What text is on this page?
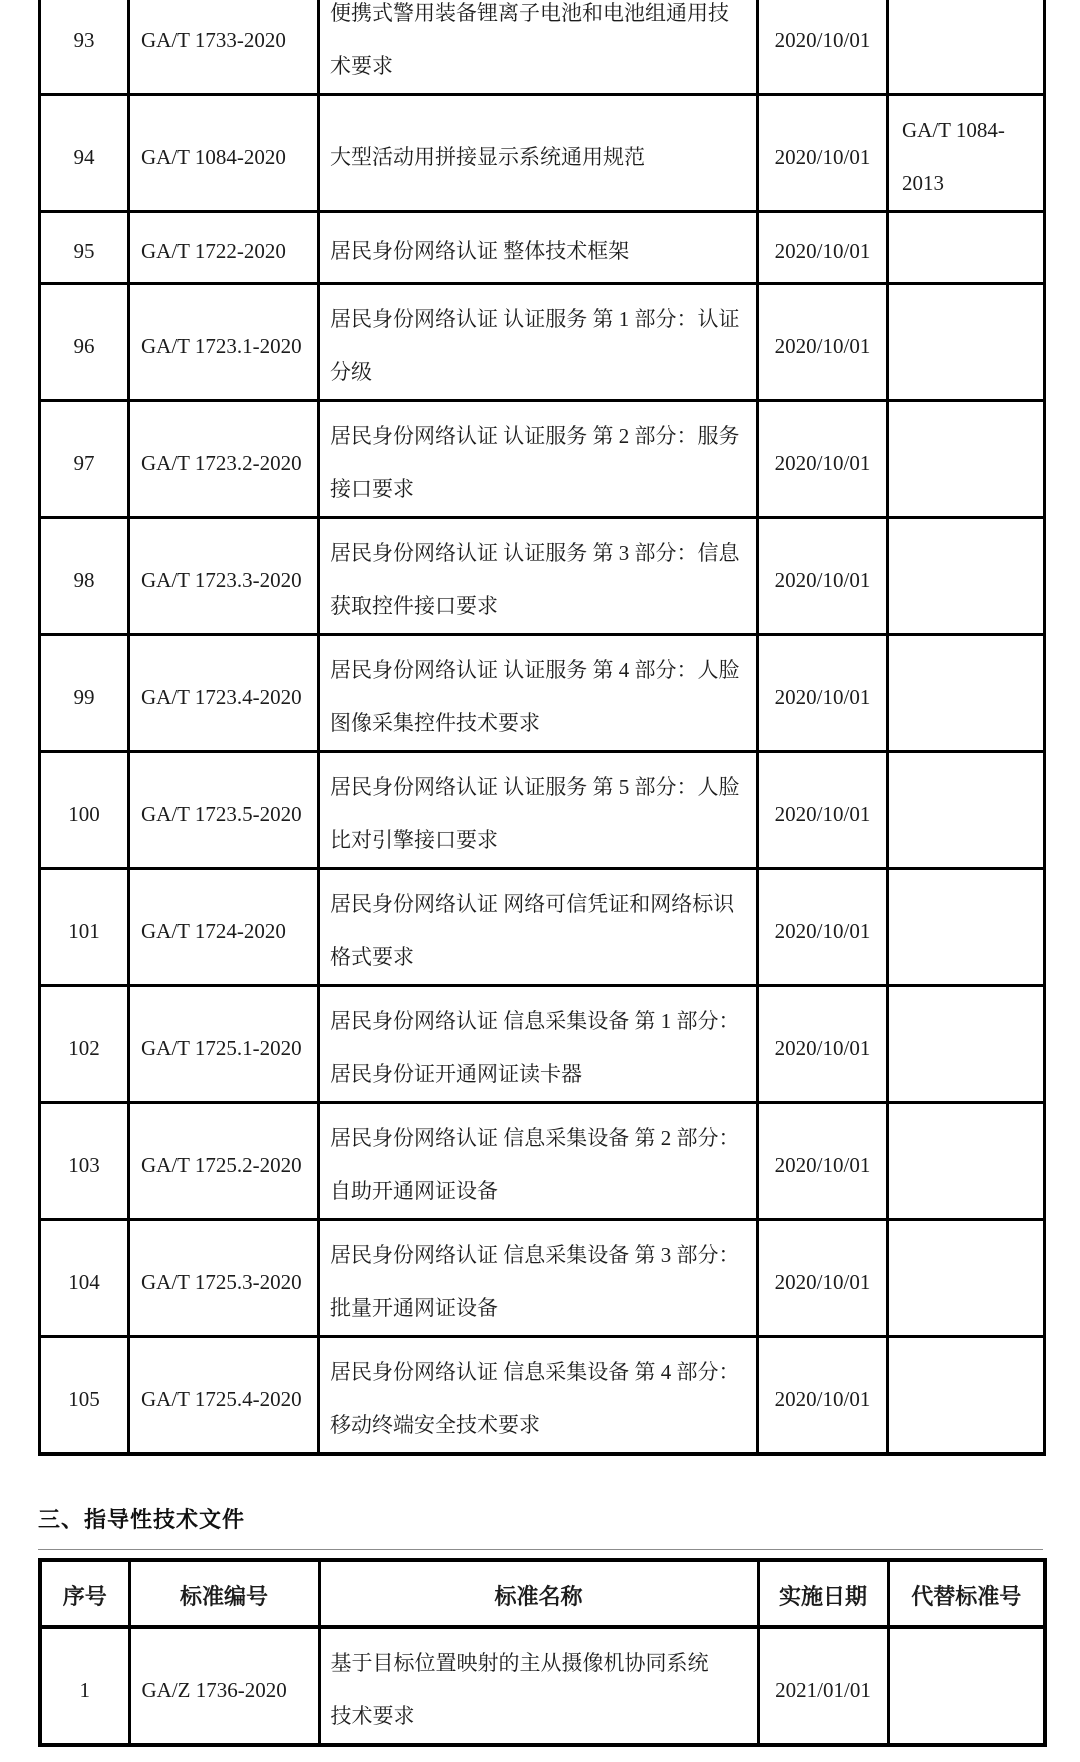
93	GA/T 1733-2020	便携式警用装备锂离子电池和电池组通用技
术要求	2020/10/01	

94	GA/T 1084-2020	大型活动用拼接显示系统通用规范	2020/10/01	GA/T 1084-
2013

95	GA/T 1722-2020	居民身份网络认证 整体技术框架	2020/10/01	

96	GA/T 1723.1-2020	居民身份网络认证 认证服务 第 1 部分：认证
分级	2020/10/01	

97	GA/T 1723.2-2020	居民身份网络认证 认证服务 第 2 部分：服务
接口要求	2020/10/01	

98	GA/T 1723.3-2020	居民身份网络认证 认证服务 第 3 部分：信息
获取控件接口要求	2020/10/01	

99	GA/T 1723.4-2020	居民身份网络认证 认证服务 第 4 部分：人脸
图像采集控件技术要求	2020/10/01	

100	GA/T 1723.5-2020	居民身份网络认证 认证服务 第 5 部分：人脸
比对引擎接口要求	2020/10/01	

101	GA/T 1724-2020	居民身份网络认证 网络可信凭证和网络标识
格式要求	2020/10/01	

102	GA/T 1725.1-2020	居民身份网络认证 信息采集设备 第 1 部分：
居民身份证开通网证读卡器	2020/10/01	

103	GA/T 1725.2-2020	居民身份网络认证 信息采集设备 第 2 部分：
自助开通网证设备	2020/10/01	

104	GA/T 1725.3-2020	居民身份网络认证 信息采集设备 第 3 部分：
批量开通网证设备	2020/10/01	

105	GA/T 1725.4-2020	居民身份网络认证 信息采集设备 第 4 部分：
移动终端安全技术要求	2020/10/01	

三、指导性技术文件
序号	标准编号	标准名称	实施日期	代替标准号

1	GA/Z 1736-2020	基于目标位置映射的主从摄像机协同系统
技术要求	2021/01/01	
